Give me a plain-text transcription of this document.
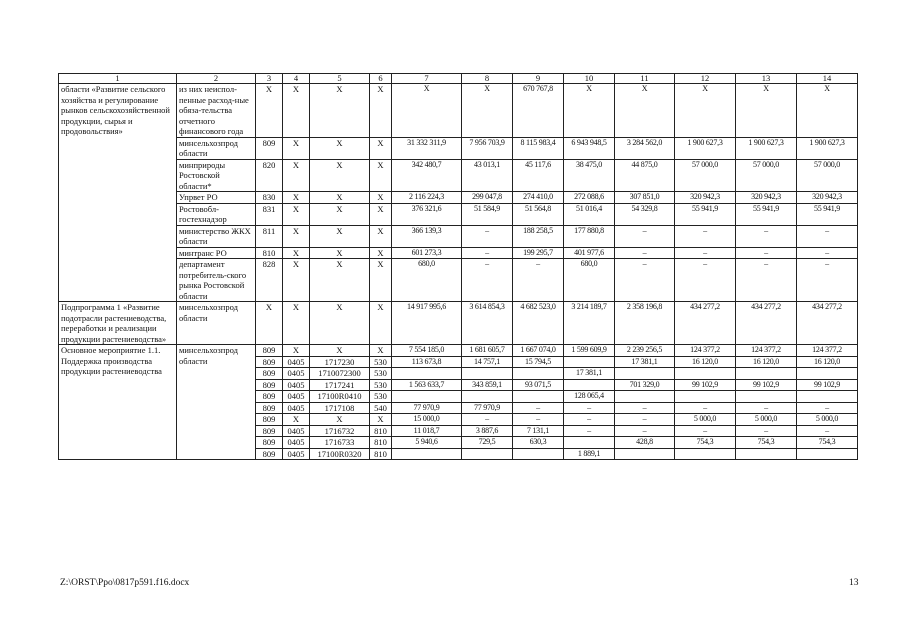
1	2	3	4	5	6	7	8	9	10	11	12	13	14
области «Развитие сельского хозяйства и регулирование рынков сельскохозяйственной продукции, сырья и продовольствия»	из них неиспол-пенные расход-ные обяза-тельства отчетного финансового года	Х	Х	Х	Х	Х	Х	670 767,8	Х	Х	Х	Х	Х
	минсельхозпрод области	809	Х	Х	Х	31 332 311,9	7 956 703,9	8 115 983,4	6 943 948,5	3 284 562,0	1 900 627,3	1 900 627,3	1 900 627,3
	минприроды Ростовской области*	820	Х	Х	Х	342 480,7	43 013,1	45 117,6	38 475,0	44 875,0	57 000,0	57 000,0	57 000,0
	Упрвет РО	830	Х	Х	Х	2 116 224,3	299 047,8	274 410,0	272 088,6	307 851,0	320 942,3	320 942,3	320 942,3
	Ростовобл-гостехнадзор	831	Х	Х	Х	376 321,6	51 584,9	51 564,8	51 016,4	54 329,8	55 941,9	55 941,9	55 941,9
	министерство ЖКХ области	811	Х	Х	Х	366 139,3	–	188 258,5	177 880,8	–	–	–	–
	минтранс РО	810	Х	Х	Х	601 273,3	–	199 295,7	401 977,6	–	–	–	–
	департамент потребитель-ского рынка Ростовской области	828	Х	Х	Х	680,0	–	–	680,0	–	–	–	–
Подпрограмма 1 «Развитие подотрасли растениеводства, переработки и реализации продукции растениеводства»	минсельхозпрод области	Х	Х	Х	Х	14 917 995,6	3 614 854,3	4 682 523,0	3 214 189,7	2 358 196,8	434 277,2	434 277,2	434 277,2
Основное мероприятие 1.1. Поддержка производства продукции растениеводства	минсельхозпрод области	809	Х	Х	Х	7 554 185,0	1 681 605,7	1 667 074,0	1 599 609,9	2 239 256,5	124 377,2	124 377,2	124 377,2
		809	0405	1717230	530	113 673,8	14 757,1	15 794,5		17 381,1	16 120,0	16 120,0	16 120,0
		809	0405	1710072300	530				17 381,1				
		809	0405	1717241	530	1 563 633,7	343 859,1	93 071,5		701 329,0	99 102,9	99 102,9	99 102,9
		809	0405	17100R0410	530				128 065,4				
		809	0405	1717108	540	77 970,9	77 970,9	–	–	–	–	–	–
		809	Х	Х	Х	15 000,0	–	–	–	–	5 000,0	5 000,0	5 000,0
		809	0405	1716732	810	11 018,7	3 887,6	7 131,1	–	–	–	–	–
		809	0405	1716733	810	5 940,6	729,5	630,3		428,8	754,3	754,3	754,3
		809	0405	17100R0320	810				1 889,1				
Z:\ORST\Ppo\0817p591.f16.docx	13
